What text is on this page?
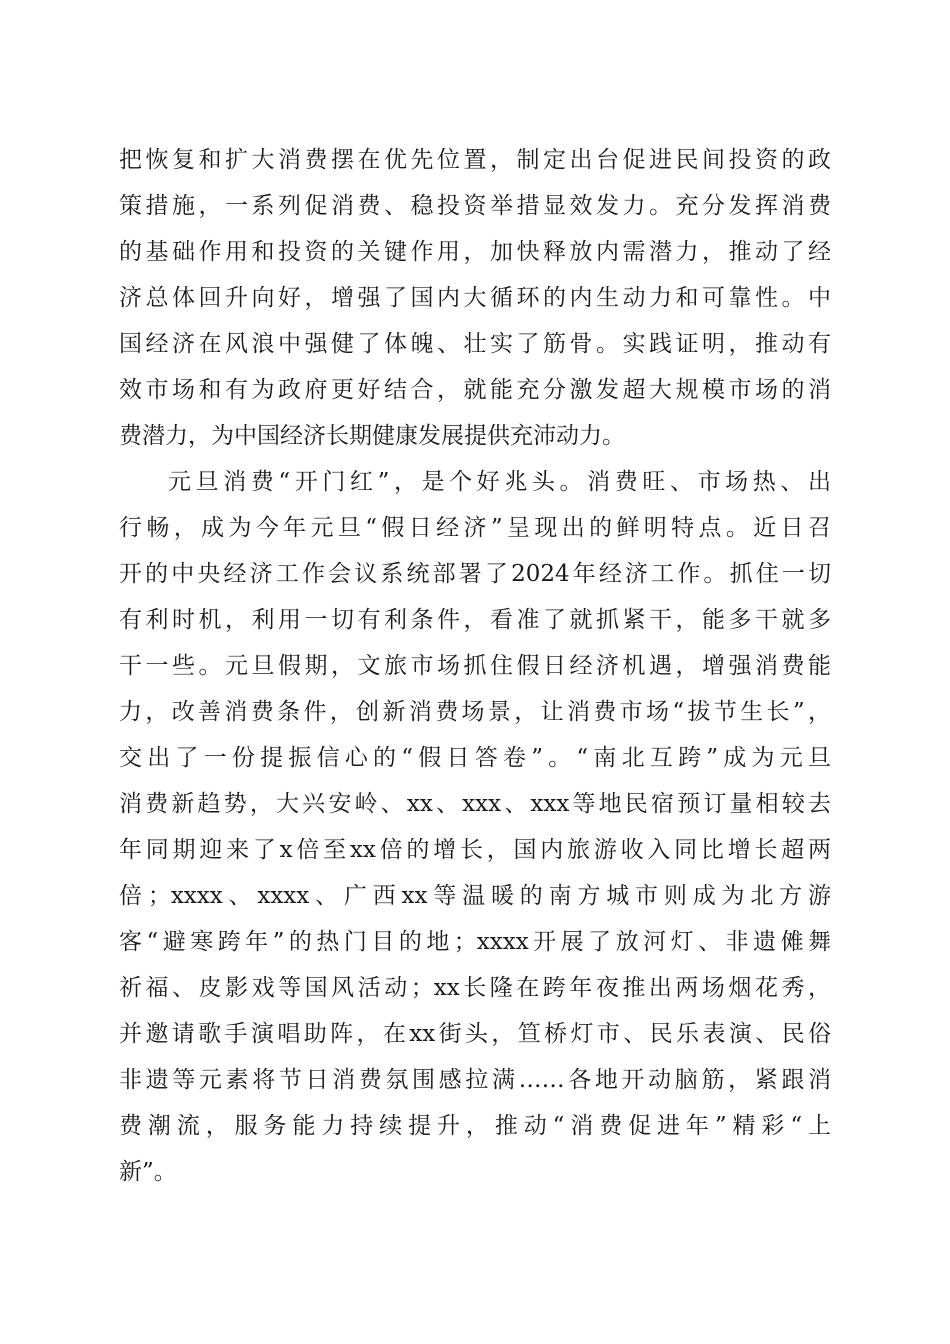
把恢复和扩大消费摆在优先位置，制定出台促进民间投资的政
策措施，一系列促消费、稳投资举措显效发力。充分发挥消费
的基础作用和投资的关键作用，加快释放内需潜力，推动了经
济总体回升向好，增强了国内大循环的内生动力和可靠性。中
国经济在风浪中强健了体魄、壮实了筋骨。实践证明，推动有
效市场和有为政府更好结合，就能充分激发超大规模市场的消
费潜力，为中国经济长期健康发展提供充沛动力。
元旦消费“开门红”，是个好兆头。消费旺、市场热、出
行畅，成为今年元旦“假日经济”呈现出的鲜明特点。近日召
开的中央经济工作会议系统部署了2024年经济工作。抓住一切
有利时机，利用一切有利条件，看准了就抓紧干，能多干就多
干一些。元旦假期，文旅市场抓住假日经济机遇，增强消费能
力，改善消费条件，创新消费场景，让消费市场“拔节生长”，
交出了一份提振信心的“假日答卷”。“南北互跨”成为元旦
消费新趋势，大兴安岭、xx、xxx、xxx等地民宿预订量相较去
年同期迎来了x倍至xx倍的增长，国内旅游收入同比增长超两
倍；xxxx、xxxx、广西xx等温暖的南方城市则成为北方游
客“避寒跨年”的热门目的地；xxxx开展了放河灯、非遗傩舞
祈福、皮影戏等国风活动；xx长隆在跨年夜推出两场烟花秀，
并邀请歌手演唱助阵，在xx街头，笪桥灯市、民乐表演、民俗
非遗等元素将节日消费氛围感拉满……各地开动脑筋，紧跟消
费潮流，服务能力持续提升，推动“消费促进年”精彩“上
新”。
